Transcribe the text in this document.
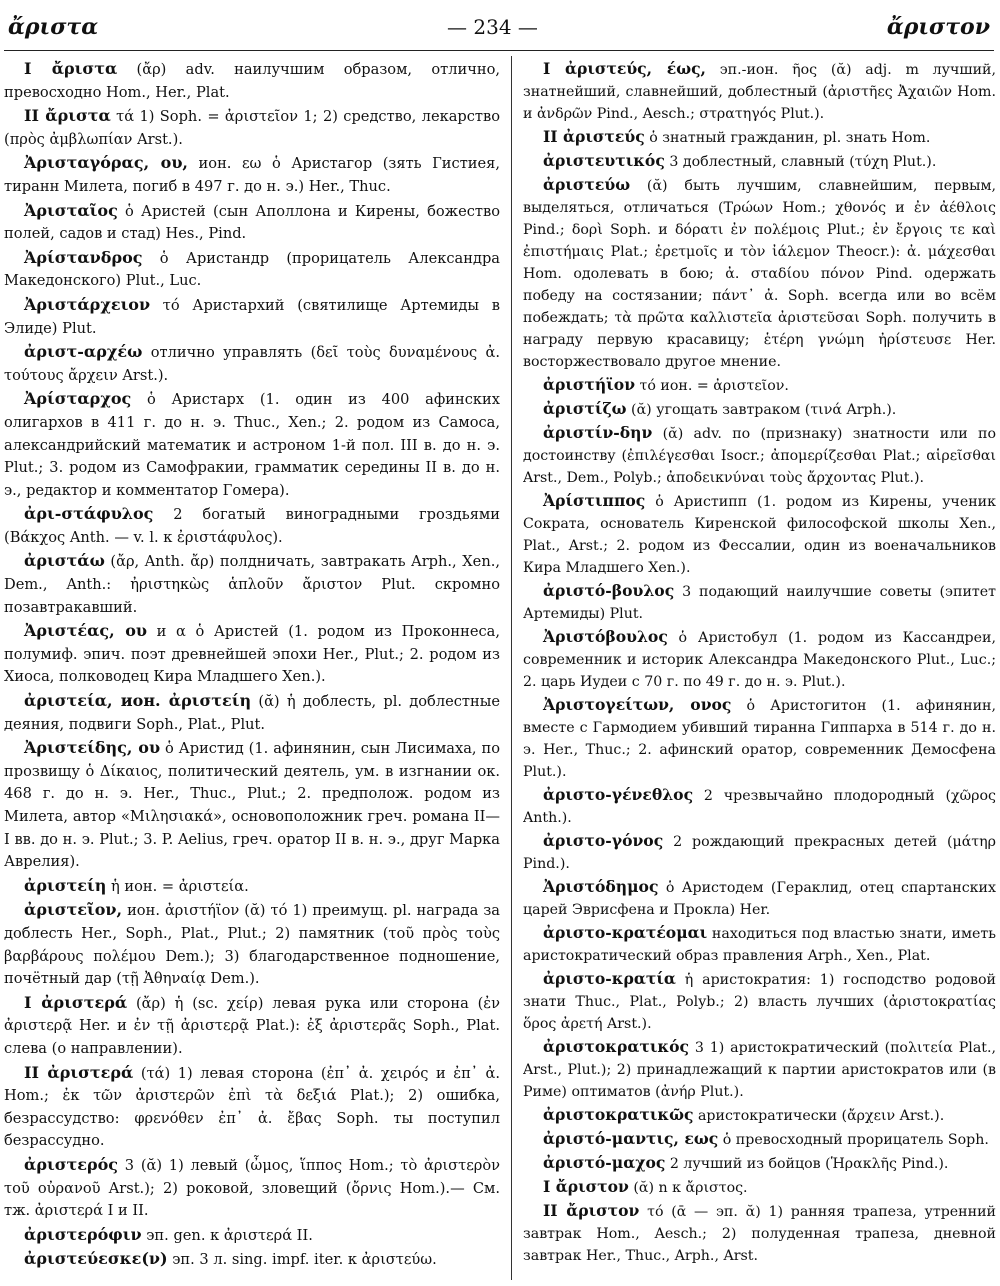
ἄριστα	— 234 —	ἄριστον

I ἄριστα (ἄρ) adv. наилучшим образом, отлично, превосходно Hom., Her., Plat.

II ἄριστα τά 1) Soph. = ἀριστεῖον 1; 2) средство, лекарство (πρὸς ἀμβλωπίαν Arst.).

Ἀρισταγόρας, ου, ион. εω ὁ Аристагор (зять Гистиея, тиранн Милета, погиб в 497 г. до н. э.) Her., Thuc.

Ἀρισταῖος ὁ Аристей (сын Аполлона и Кирены, божество полей, садов и стад) Hes., Pind.

Ἀρίστανδρος ὁ Аристандр (прорицатель Александра Македонского) Plut., Luc.

Ἀριστάρχειον τό Аристархий (святилище Артемиды в Элиде) Plut.

ἀριστ-αρχέω отлично управлять (δεῖ τοὺς δυναμένους ἀ. τούτους ἄρχειν Arst.).

Ἀρίσταρχος ὁ Аристарх (1. один из 400 афинских олигархов в 411 г. до н. э. Thuc., Xen.; 2. родом из Самоса, александрийский математик и астроном 1-й пол. III в. до н. э. Plut.; 3. родом из Самофракии, грамматик середины II в. до н. э., редактор и комментатор Гомера).

ἀρι-στάφυλος 2 богатый виноградными гроздьями (Βάκχος Anth. — v. l. к ἐριστάφυλος).

ἀριστάω (ἄρ, Anth. ἄρ) полдничать, завтракать Arph., Xen., Dem., Anth.: ἠριστηκὼς ἁπλοῦν ἄριστον Plut. скромно позавтракавший.

Ἀριστέας, ου и α ὁ Аристей (1. родом из Проконнеса, полумиф. эпич. поэт древнейшей эпохи Her., Plut.; 2. родом из Хиоса, полководец Кира Младшего Xen.).

ἀριστεία, ион. ἀριστείη (ᾰ) ἡ доблесть, pl. доблестные деяния, подвиги Soph., Plat., Plut.

Ἀριστείδης, ου ὁ Аристид (1. афинянин, сын Лисимаха, по прозвищу ὁ Δίκαιος, политический деятель, ум. в изгнании ок. 468 г. до н. э. Her., Thuc., Plut.; 2. предполож. родом из Милета, автор «Μιλησιακά», основоположник греч. романа II—I вв. до н. э. Plut.; 3. P. Aelius, греч. оратор II в. н. э., друг Марка Аврелия).

ἀριστείη ἡ ион. = ἀριστεία.

ἀριστεῖον, ион. ἀριστήϊον (ᾰ) τό 1) преимущ. pl. награда за доблесть Her., Soph., Plat., Plut.; 2) памятник (τοῦ πρὸς τοὺς βαρβάρους πολέμου Dem.); 3) благодарственное подношение, почётный дар (τῇ Ἀθηναίᾳ Dem.).

I ἀριστερά (ἄρ) ἡ (sc. χείρ) левая рука или сторона (ἐν ἀριστερᾷ Her. и ἐν τῇ ἀριστερᾷ Plat.): ἐξ ἀριστερᾶς Soph., Plat. слева (о направлении).

II ἀριστερά (τά) 1) левая сторона (ἐπ᾽ ἀ. χειρός и ἐπ᾽ ἀ. Hom.; ἐκ τῶν ἀριστερῶν ἐπὶ τὰ δεξιά Plat.); 2) ошибка, безрассудство: φρενόθεν ἐπ᾽ ἀ. ἔβας Soph. ты поступил безрассудно.

ἀριστερός 3 (ᾰ) 1) левый (ὦμος, ἵππος Hom.; τὸ ἀριστερὸν τοῦ οὐρανοῦ Arst.); 2) роковой, зловещий (ὄρνις Hom.).— См. тж. ἀριστερά I и II.

ἀριστερόφιν эп. gen. к ἀριστερά II.

ἀριστεύεσκε(ν) эп. 3 л. sing. impf. iter. к ἀριστεύω.

I ἀριστεύς, έως, эп.-ион. ῆος (ᾰ) adj. m лучший, знатнейший, славнейший, доблестный (ἀριστῆες Ἀχαιῶν Hom. и ἀνδρῶν Pind., Aesch.; στρατηγός Plut.).

II ἀριστεύς ὁ знатный гражданин, pl. знать Hom.

ἀριστευτικός 3 доблестный, славный (τύχη Plut.).

ἀριστεύω (ᾰ) быть лучшим, славнейшим, первым, выделяться, отличаться (Τρώων Hom.; χθονός и ἐν ἀέθλοις Pind.; δορὶ Soph. и δόρατι ἐν πολέμοις Plut.; ἐν ἔργοις τε καὶ ἐπιστήμαις Plat.; ἐρετμοῖς и τὸν ἰάλεμον Theocr.): ἀ. μάχεσθαι Hom. одолевать в бою; ἀ. σταδίου πόνον Pind. одержать победу на состязании; πάντ᾽ ἀ. Soph. всегда или во всём побеждать; τὰ πρῶτα καλλιστεῖα ἀριστεῦσαι Soph. получить в награду первую красавицу; ἑτέρη γνώμη ἠρίστευσε Her. восторжествовало другое мнение.

ἀριστήϊον τό ион. = ἀριστεῖον.

ἀριστίζω (ᾰ) угощать завтраком (τινά Arph.).

ἀριστίν-δην (ᾰ) adv. по (признаку) знатности или по достоинству (ἐπιλέγεσθαι Isocr.; ἀπομερίζεσθαι Plat.; αἱρεῖσθαι Arst., Dem., Polyb.; ἀποδεικνύναι τοὺς ἄρχοντας Plut.).

Ἀρίστιππος ὁ Аристипп (1. родом из Кирены, ученик Сократа, основатель Киренской философской школы Xen., Plat., Arst.; 2. родом из Фессалии, один из военачальников Кира Младшего Xen.).

ἀριστό-βουλος 3 подающий наилучшие советы (эпитет Артемиды) Plut.

Ἀριστόβουλος ὁ Аристобул (1. родом из Кассандреи, современник и историк Александра Македонского Plut., Luc.; 2. царь Иудеи с 70 г. по 49 г. до н. э. Plut.).

Ἀριστογείτων, ονος ὁ Аристогитон (1. афинянин, вместе с Гармодием убивший тиранна Гиппарха в 514 г. до н. э. Her., Thuc.; 2. афинский оратор, современник Демосфена Plut.).

ἀριστο-γένεθλος 2 чрезвычайно плодородный (χῶρος Anth.).

ἀριστο-γόνος 2 рождающий прекрасных детей (μάτηρ Pind.).

Ἀριστόδημος ὁ Аристодем (Гераклид, отец спартанских царей Эврисфена и Прокла) Her.

ἀριστο-κρατέομαι находиться под властью знати, иметь аристократический образ правления Arph., Xen., Plat.

ἀριστο-κρατία ἡ аристократия: 1) господство родовой знати Thuc., Plat., Polyb.; 2) власть лучших (ἀριστοκρατίας ὅρος ἀρετή Arst.).

ἀριστοκρατικός 3 1) аристократический (πολιτεία Plat., Arst., Plut.); 2) принадлежащий к партии аристократов или (в Риме) оптиматов (ἀνήρ Plut.).

ἀριστοκρατικῶς аристократически (ἄρχειν Arst.).

ἀριστό-μαντις, εως ὁ превосходный прорицатель Soph.

ἀριστό-μαχος 2 лучший из бойцов (Ἡρακλῆς Pind.).

I ἄριστον (ᾰ) n к ἄριστος.

II ἄριστον τό (ᾱ — эп. ᾰ) 1) ранняя трапеза, утренний завтрак Hom., Aesch.; 2) полуденная трапеза, дневной завтрак Her., Thuc., Arph., Arst.
